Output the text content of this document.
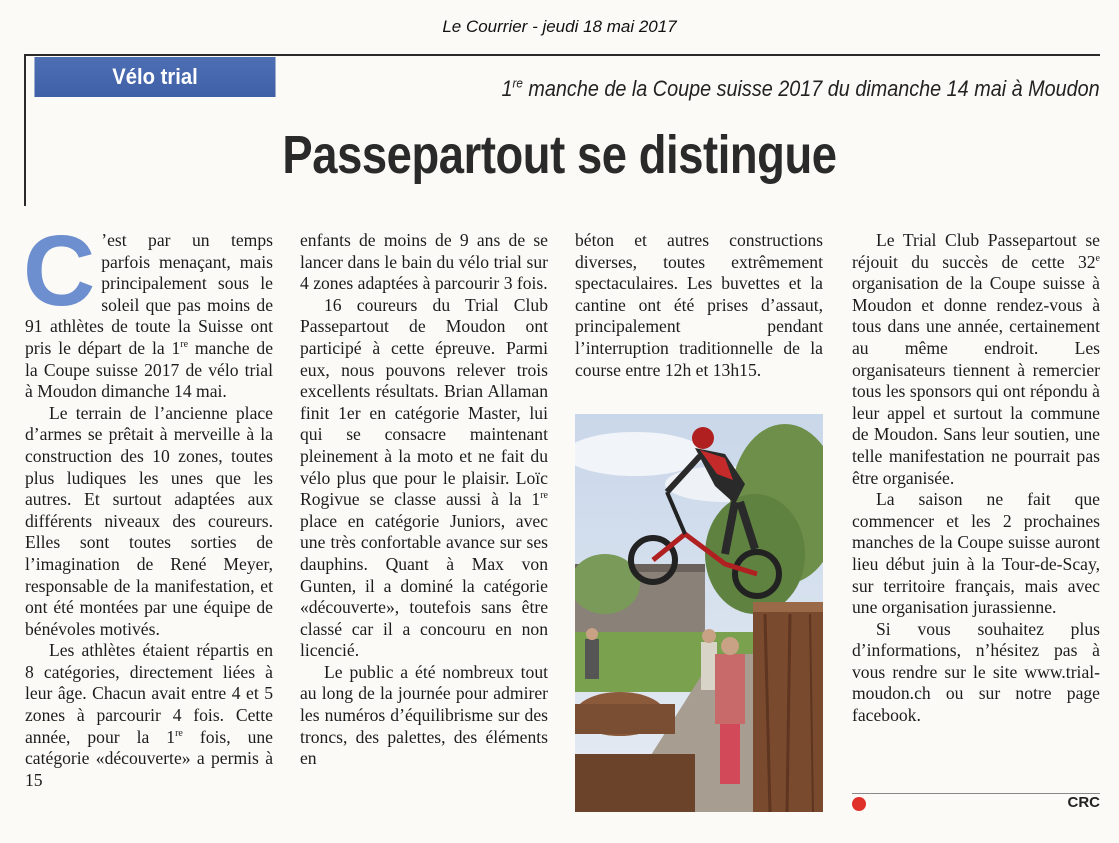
Le Courrier - jeudi 18 mai 2017
Vélo trial	1re manche de la Coupe suisse 2017 du dimanche 14 mai à Moudon
Passepartout se distingue

C ’est par un temps parfois menaçant, mais principalement sous le soleil que pas moins de 91 athlètes de toute la Suisse ont pris le départ de la 1re manche de la Coupe suisse 2017 de vélo trial à Moudon dimanche 14 mai.

Le terrain de l’ancienne place d’armes se prêtait à merveille à la construction des 10 zones, toutes plus ludiques les unes que les autres. Et surtout adaptées aux différents niveaux des coureurs. Elles sont toutes sorties de l’imagination de René Meyer, responsable de la manifestation, et ont été montées par une équipe de bénévoles motivés.

Les athlètes étaient répartis en 8 catégories, directement liées à leur âge. Chacun avait entre 4 et 5 zones à parcourir 4 fois. Cette année, pour la 1re fois, une catégorie «découverte» a permis à 15

enfants de moins de 9 ans de se lancer dans le bain du vélo trial sur 4 zones adaptées à parcourir 3 fois.

16 coureurs du Trial Club Passepartout de Moudon ont participé à cette épreuve. Parmi eux, nous pouvons relever trois excellents résultats. Brian Allaman finit 1er en catégorie Master, lui qui se consacre maintenant pleinement à la moto et ne fait du vélo plus que pour le plaisir. Loïc Rogivue se classe aussi à la 1re place en catégorie Juniors, avec une très confortable avance sur ses dauphins. Quant à Max von Gunten, il a dominé la catégorie «découverte», toutefois sans être classé car il a concouru en non licencié.

Le public a été nombreux tout au long de la journée pour admirer les numéros d’équilibrisme sur des troncs, des palettes, des éléments en

béton et autres constructions diverses, toutes extrêmement spectaculaires. Les buvettes et la cantine ont été prises d’assaut, principalement pendant l’interruption traditionnelle de la course entre 12h et 13h15.

Le Trial Club Passepartout se réjouit du succès de cette 32e organisation de la Coupe suisse à Moudon et donne rendez-vous à tous dans une année, certainement au même endroit. Les organisateurs tiennent à remercier tous les sponsors qui ont répondu à leur appel et surtout la commune de Moudon. Sans leur soutien, une telle manifestation ne pourrait pas être organisée.

La saison ne fait que commencer et les 2 prochaines manches de la Coupe suisse auront lieu début juin à la Tour-de-Scay, sur territoire français, mais avec une organisation jurassienne.

Si vous souhaitez plus d’informations, n’hésitez pas à vous rendre sur le site www.trial-moudon.ch ou sur notre page facebook.

CRC
